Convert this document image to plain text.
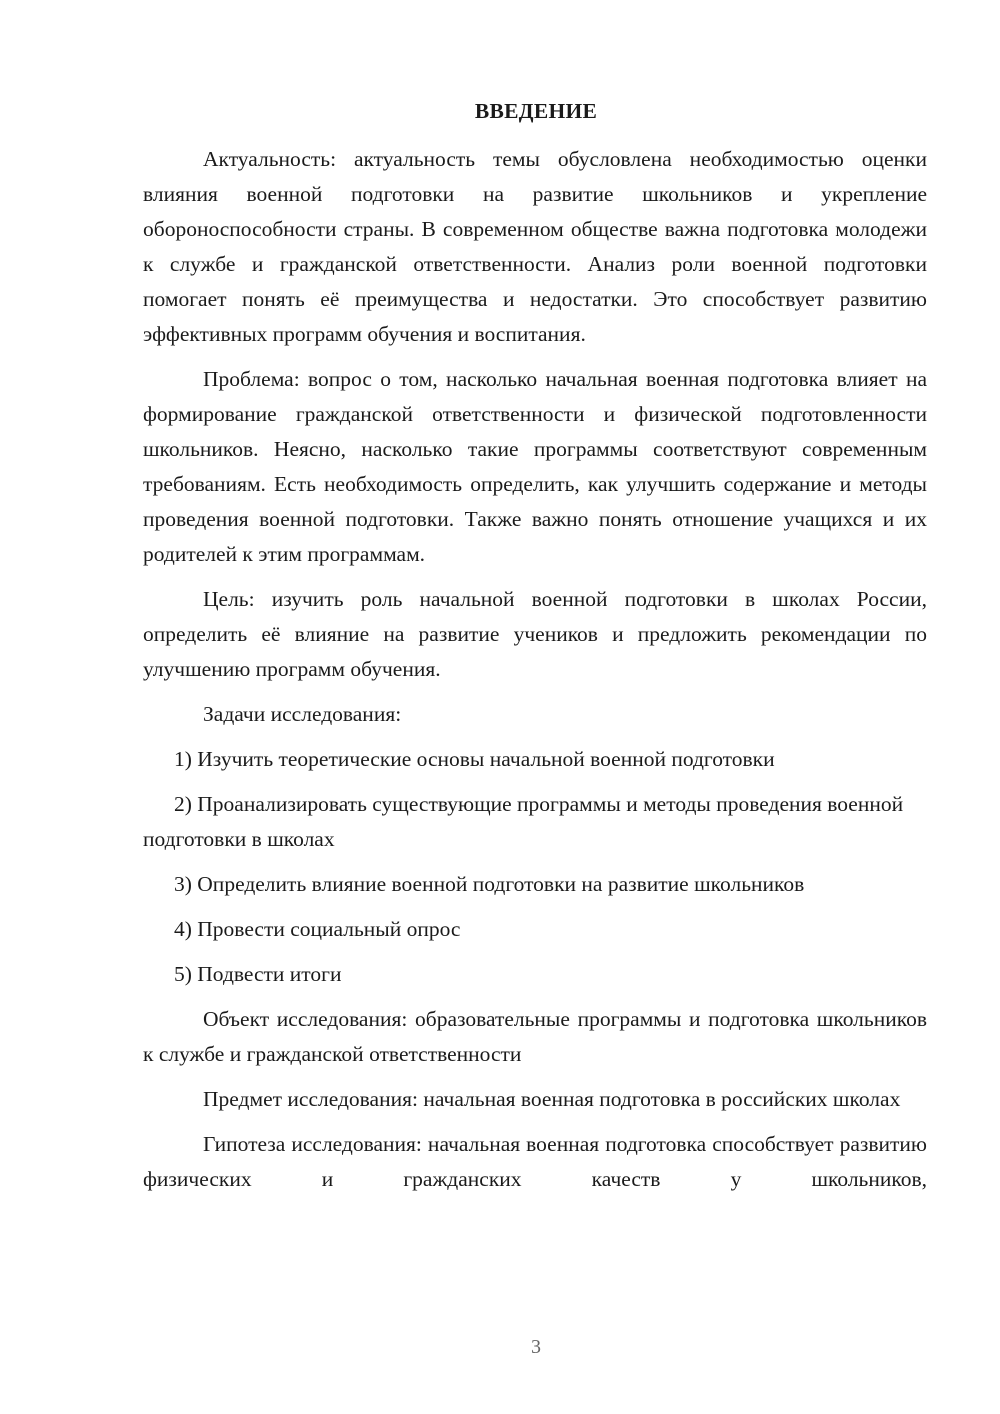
ВВЕДЕНИЕ

Актуальность: актуальность темы обусловлена необходимостью оценки влияния военной подготовки на развитие школьников и укрепление обороноспособности страны. В современном обществе важна подготовка молодежи к службе и гражданской ответственности. Анализ роли военной подготовки помогает понять её преимущества и недостатки. Это способствует развитию эффективных программ обучения и воспитания.

Проблема: вопрос о том, насколько начальная военная подготовка влияет на формирование гражданской ответственности и физической подготовленности школьников. Неясно, насколько такие программы соответствуют современным требованиям. Есть необходимость определить, как улучшить содержание и методы проведения военной подготовки. Также важно понять отношение учащихся и их родителей к этим программам.

Цель: изучить роль начальной военной подготовки в школах России, определить её влияние на развитие учеников и предложить рекомендации по улучшению программ обучения.

Задачи исследования:

1) Изучить теоретические основы начальной военной подготовки

2) Проанализировать существующие программы и методы проведения военной подготовки в школах

3) Определить влияние военной подготовки на развитие школьников

4) Провести социальный опрос

5) Подвести итоги

Объект исследования: образовательные программы и подготовка школьников к службе и гражданской ответственности

Предмет исследования: начальная военная подготовка в российских школах

Гипотеза исследования: начальная военная подготовка способствует развитию физических и гражданских качеств у школьников,

3
